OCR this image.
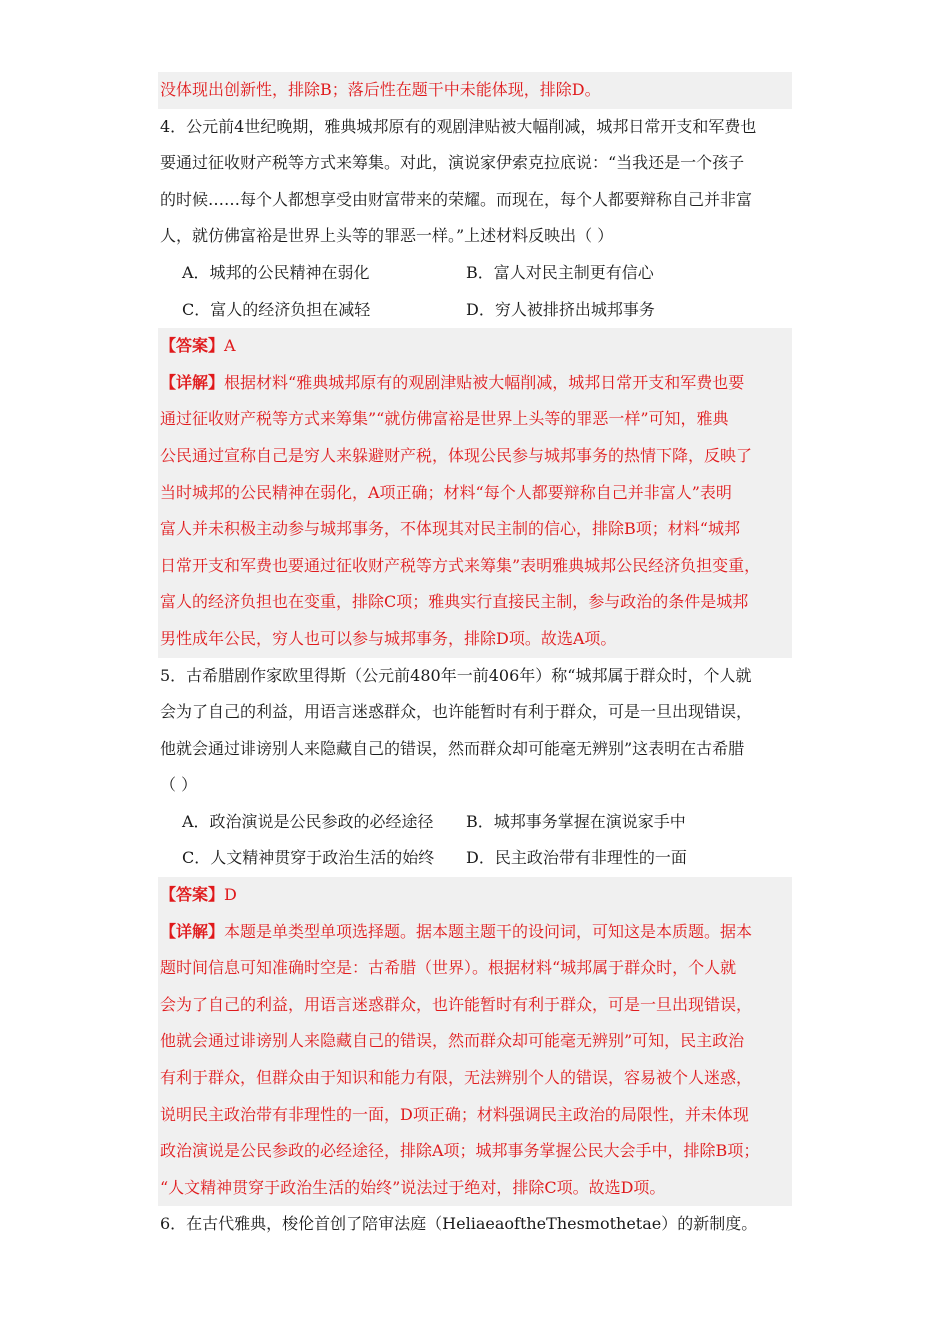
没体现出创新性，排除B；落后性在题干中未能体现，排除D。
4．公元前4世纪晚期，雅典城邦原有的观剧津贴被大幅削减，城邦日常开支和军费也
要通过征收财产税等方式来筹集。对此，演说家伊索克拉底说：“当我还是一个孩子
的时候……每个人都想享受由财富带来的荣耀。而现在，每个人都要辩称自己并非富
人，就仿佛富裕是世界上头等的罪恶一样。”上述材料反映出（ ）
A．城邦的公民精神在弱化	B．富人对民主制更有信心
C．富人的经济负担在减轻	D．穷人被排挤出城邦事务
【答案】A
【详解】根据材料“雅典城邦原有的观剧津贴被大幅削减，城邦日常开支和军费也要
通过征收财产税等方式来筹集”“就仿佛富裕是世界上头等的罪恶一样”可知，雅典
公民通过宣称自己是穷人来躲避财产税，体现公民参与城邦事务的热情下降，反映了
当时城邦的公民精神在弱化，A项正确；材料“每个人都要辩称自己并非富人”表明
富人并未积极主动参与城邦事务，不体现其对民主制的信心，排除B项；材料“城邦
日常开支和军费也要通过征收财产税等方式来筹集”表明雅典城邦公民经济负担变重，
富人的经济负担也在变重，排除C项；雅典实行直接民主制，参与政治的条件是城邦
男性成年公民，穷人也可以参与城邦事务，排除D项。故选A项。
5．古希腊剧作家欧里得斯（公元前480年一前406年）称“城邦属于群众时，个人就
会为了自己的利益，用语言迷惑群众，也许能暂时有利于群众，可是一旦出现错误，
他就会通过诽谤别人来隐藏自己的错误，然而群众却可能毫无辨别”这表明在古希腊
（ ）
A．政治演说是公民参政的必经途径	B．城邦事务掌握在演说家手中
C．人文精神贯穿于政治生活的始终	D．民主政治带有非理性的一面
【答案】D
【详解】本题是单类型单项选择题。据本题主题干的设问词，可知这是本质题。据本
题时间信息可知准确时空是：古希腊（世界）。根据材料“城邦属于群众时，个人就
会为了自己的利益，用语言迷惑群众，也许能暂时有利于群众，可是一旦出现错误，
他就会通过诽谤别人来隐藏自己的错误，然而群众却可能毫无辨别”可知，民主政治
有利于群众，但群众由于知识和能力有限，无法辨别个人的错误，容易被个人迷惑，
说明民主政治带有非理性的一面，D项正确；材料强调民主政治的局限性，并未体现
政治演说是公民参政的必经途径，排除A项；城邦事务掌握公民大会手中，排除B项；
“人文精神贯穿于政治生活的始终”说法过于绝对，排除C项。故选D项。
6．在古代雅典，梭伦首创了陪审法庭（HeliaeaoftheThesmothetae）的新制度。
